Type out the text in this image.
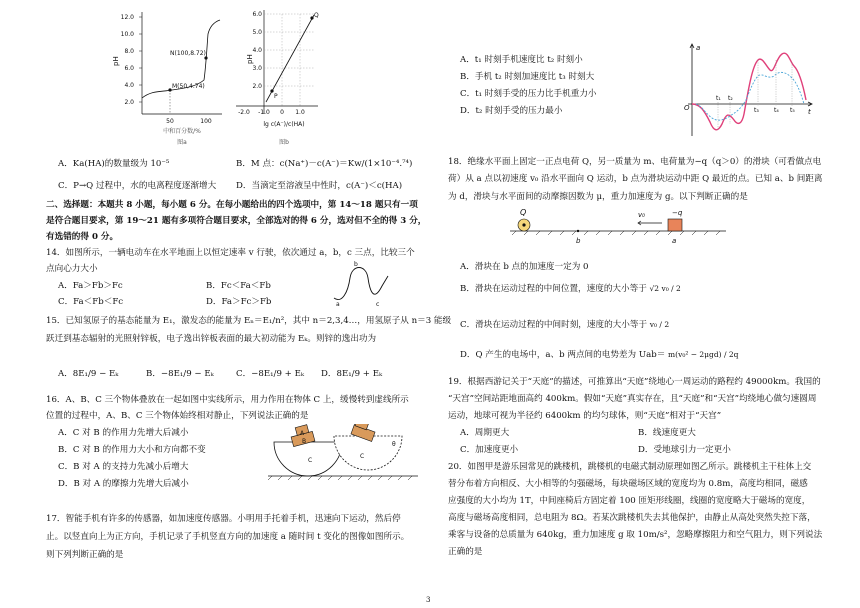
12.0
10.0
8.0
6.0
4.0
2.0
pH
50	100
中和百分数/%
图a
N(100,8.72)
M(50,4.74)
6.0
5.0
4.0
3.0
2.0
pH
-2.0 -1.0 0 1.0
lg c(A⁻)/c(HA)
图b
P
Q
A．Ka(HA)的数量级为 10⁻⁵	B．M 点：c(Na⁺)－c(A⁻)＝Kw/(1×10⁻⁴.⁷⁴)
C．P→Q 过程中，水的电离程度逐渐增大 D．当滴定至溶液呈中性时，c(A⁻)＜c(HA)
二、选择题：本题共 8 小题，每小题 6 分。在每小题给出的四个选项中，第 14～18 题只有一项
是符合题目要求，第 19～21 题有多项符合题目要求，全部选对的得 6 分，选对但不全的得 3 分，
有选错的得 0 分。
14．如图所示，一辆电动车在水平地面上以恒定速率 v 行驶，依次通过 a，b，c 三点，比较三个
点向心力大小
A．Fa＞Fb＞Fc	B．Fc＜Fa＜Fb
C．Fa＜Fb＜Fc	D．Fa＞Fc＞Fb	a
b
c
15．已知氢原子的基态能量为 E₁，激发态的能量为 Eₙ＝E₁/n²，其中 n＝2,3,4…，用氢原子从 n＝3 能级
跃迁到基态辐射的光照射锌板，电子逸出锌板表面的最大初动能为 Eₖ。则锌的逸出功为
A．8E₁/9 − Eₖ	B．−8E₁/9 − Eₖ	C．−8E₁/9 + Eₖ D．8E₁/9 + Eₖ
16．A、B、C 三个物体叠放在一起如图中实线所示，用力作用在物体 C 上，缓慢转到虚线所示
位置的过程中，A、B、C 三个物体始终相对静止，下列说法正确的是
A．C 对 B 的作用力先增大后减小
B．C 对 B 的作用力大小和方向都不变
C．B 对 A 的支持力先减小后增大
D．B 对 A 的摩擦力先增大后减小
A
B
C
C
θ
17．智能手机有许多的传感器，如加速度传感器。小明用手托着手机，迅速向下运动，然后停
止。以竖直向上为正方向，手机记录了手机竖直方向的加速度 a 随时间 t 变化的图像如图所示。
则下列判断正确的是
A．t₁ 时刻手机速度比 t₂ 时刻小
B．手机 t₂ 时刻加速度比 t₃ 时刻大
C．t₁ 时刻手受的压力比手机重力小
D．t₂ 时刻手受的压力最小
a
O	t
t₁ t₂
t₃	t₄ t₅
18．绝缘水平面上固定一正点电荷 Q，另一质量为 m、电荷量为−q（q＞0）的滑块（可看做点电
荷）从 a 点以初速度 v₀ 沿水平面向 Q 运动，b 点为滑块运动中距 Q 最近的点。已知 a、b 间距离
为 d，滑块与水平面间的动摩擦因数为 μ，重力加速度为 g。以下判断正确的是
Q	−q
v₀
a
b
A．滑块在 b 点的加速度一定为 0
B．滑块在运动过程的中间位置，速度的大小等于 √2 v₀ / 2
C．滑块在运动过程的中间时刻，速度的大小等于 v₀ / 2
D．Q 产生的电场中，a、b 两点间的电势差为 Uab＝ m(v₀² − 2μgd) / 2q
19．根据西游记关于“天庭”的描述，可推算出“天庭”绕地心一周运动的路程约 49000km。我国的
“天宫”空间站距地面高约 400km。假如“天庭”真实存在，且“天庭”和“天宫”均绕地心做匀速圆周
运动，地球可视为半径约 6400km 的均匀球体，则“天庭”相对于“天宫”
A．周期更大	B．线速度更大
C．加速度更小	D．受地球引力一定更小
20．如图甲是游乐园常见的跳楼机，跳楼机的电磁式制动原理如图乙所示。跳楼机主干柱体上交
替分布着方向相反、大小相等的匀强磁场，每块磁场区域的宽度均为 0.8m，高度均相同，磁感
应强度的大小均为 1T，中间座椅后方固定着 100 匝矩形线圈，线圈的宽度略大于磁场的宽度，
高度与磁场高度相同，总电阻为 8Ω。若某次跳楼机失去其他保护，由静止从高处突然失控下落，
乘客与设备的总质量为 640kg，重力加速度 g 取 10m/s²，忽略摩擦阻力和空气阻力，则下列说法
正确的是
3
